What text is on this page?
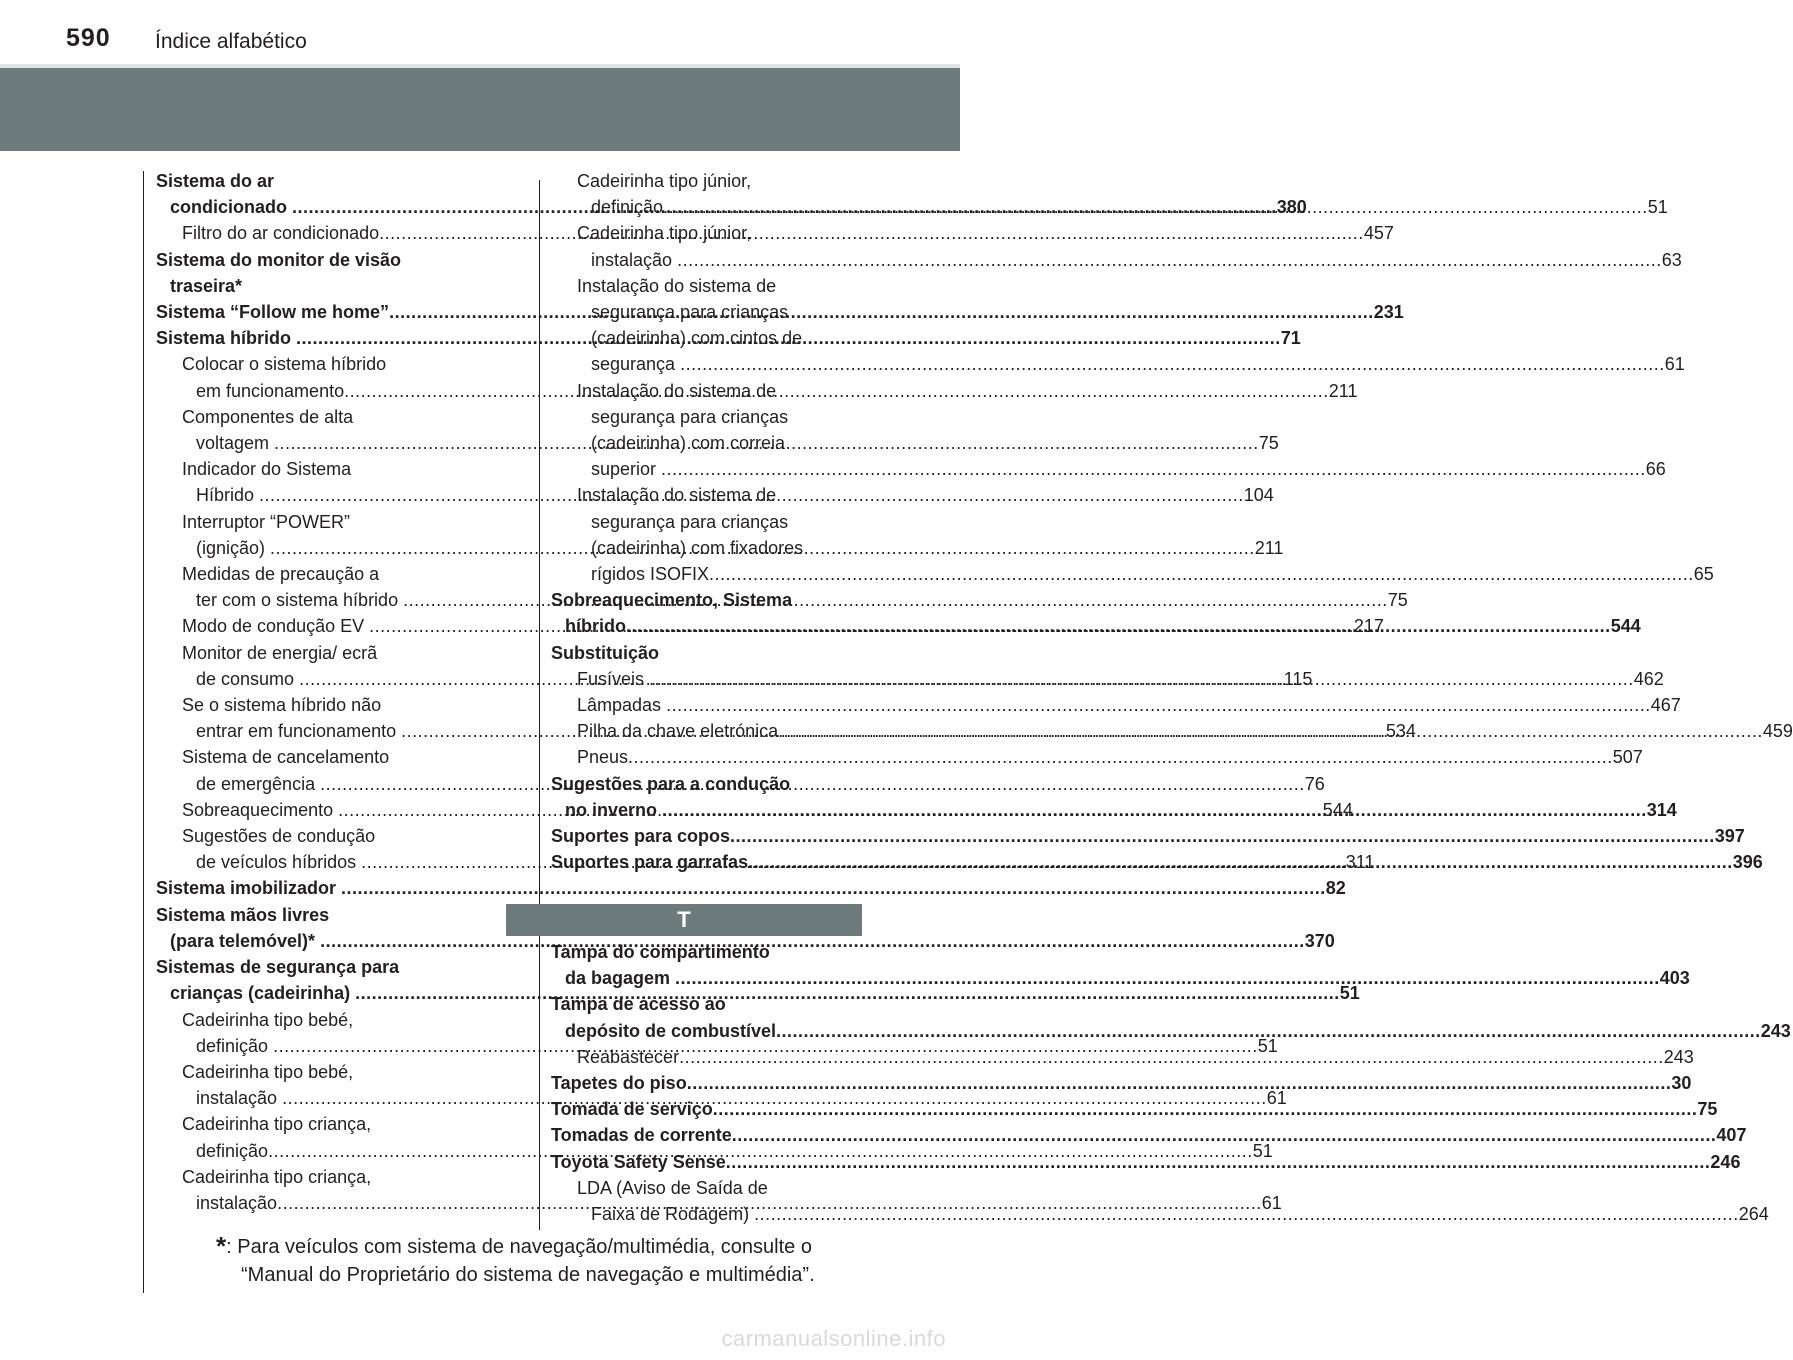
590 Índice alfabético
Sistema do ar
condicionado .....	380
Filtro do ar condicionado .....	457
Sistema do monitor de visão
traseira*
Sistema “Follow me home” .....	231
Sistema híbrido .....	71
Colocar o sistema híbrido
em funcionamento .....	211
Componentes de alta
voltagem .....	75
Indicador do Sistema
Híbrido .....	104
Interruptor “POWER”
(ignição) .....	211
Medidas de precaução a
ter com o sistema híbrido .....	75
Modo de condução EV .....	217
Monitor de energia/ ecrã
de consumo .....	115
Se o sistema híbrido não
entrar em funcionamento .....	534
Sistema de cancelamento
de emergência .....	76
Sobreaquecimento .....	544
Sugestões de condução
de veículos híbridos .....	311
Sistema imobilizador .....	82
Sistema mãos livres
(para telemóvel)* .....	370
Sistemas de segurança para
crianças (cadeirinha) .....	51
Cadeirinha tipo bebé,
definição .....	51
Cadeirinha tipo bebé,
instalação .....	61
Cadeirinha tipo criança,
definição .....	51
Cadeirinha tipo criança,
instalação .....	61
Cadeirinha tipo júnior,
definição .....	51
Cadeirinha tipo júnior,
instalação .....	63
Instalação do sistema de
segurança para crianças
(cadeirinha) com cintos de
segurança .....	61
Instalação do sistema de
segurança para crianças
(cadeirinha) com correia
superior .....	66
Instalação do sistema de
segurança para crianças
(cadeirinha) com fixadores
rígidos ISOFIX .....	65
Sobreaquecimento, Sistema
híbrido .....	544
Substituição
Fusíveis .....	462
Lâmpadas .....	467
Pilha da chave eletrónica .....	459
Pneus .....	507
Sugestões para a condução
no inverno .....	314
Suportes para copos .....	397
Suportes para garrafas .....	396
T
Tampa do compartimento
da bagagem .....	403
Tampa de acesso ao
depósito de combustível .....	243
Reabastecer .....	243
Tapetes do piso .....	30
Tomada de serviço .....	75
Tomadas de corrente .....	407
Toyota Safety Sense .....	246
LDA (Aviso de Saída de
Faixa de Rodagem) .....	264
*: Para veículos com sistema de navegação/multimédia, consulte o
“Manual do Proprietário do sistema de navegação e multimédia”.
carmanualsonline.info
